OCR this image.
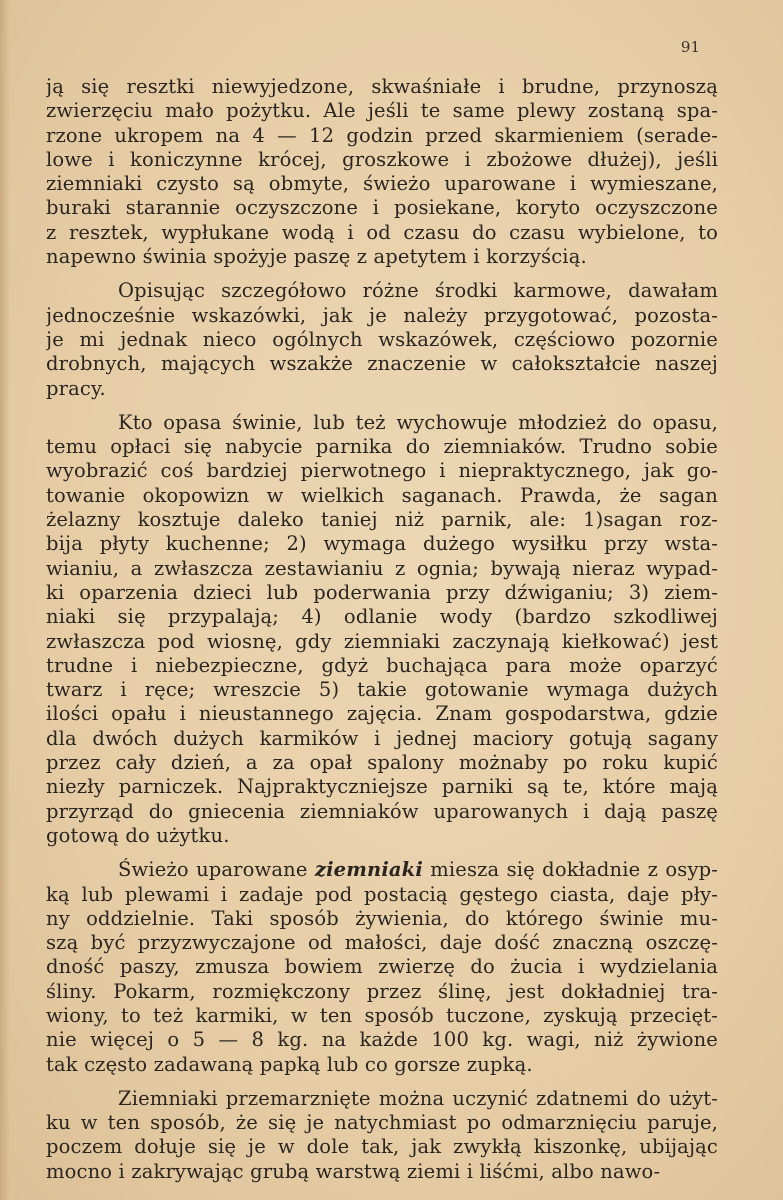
91
ją się resztki niewyjedzone, skwaśniałe i brudne, przynoszą
zwierzęciu mało pożytku. Ale jeśli te same plewy zostaną spa-
rzone ukropem na 4 — 12 godzin przed skarmieniem (serade-
lowe i koniczynne krócej, groszkowe i zbożowe dłużej), jeśli
ziemniaki czysto są obmyte, świeżo uparowane i wymieszane,
buraki starannie oczyszczone i posiekane, koryto oczyszczone
z resztek, wypłukane wodą i od czasu do czasu wybielone, to
napewno świnia spożyje paszę z apetytem i korzyścią.
Opisując szczegółowo różne środki karmowe, dawałam
jednocześnie wskazówki, jak je należy przygotować, pozosta-
je mi jednak nieco ogólnych wskazówek, częściowo pozornie
drobnych, mających wszakże znaczenie w całokształcie naszej
pracy.
Kto opasa świnie, lub też wychowuje młodzież do opasu,
temu opłaci się nabycie parnika do ziemniaków. Trudno sobie
wyobrazić coś bardziej pierwotnego i niepraktycznego, jak go-
towanie okopowizn w wielkich saganach. Prawda, że sagan
żelazny kosztuje daleko taniej niż parnik, ale: 1)sagan roz-
bija płyty kuchenne; 2) wymaga dużego wysiłku przy wsta-
wianiu, a zwłaszcza zestawianiu z ognia; bywają nieraz wypad-
ki oparzenia dzieci lub poderwania przy dźwiganiu; 3) ziem-
niaki się przypalają; 4) odlanie wody (bardzo szkodliwej
zwłaszcza pod wiosnę, gdy ziemniaki zaczynają kiełkować) jest
trudne i niebezpieczne, gdyż buchająca para może oparzyć
twarz i ręce; wreszcie 5) takie gotowanie wymaga dużych
ilości opału i nieustannego zajęcia. Znam gospodarstwa, gdzie
dla dwóch dużych karmików i jednej maciory gotują sagany
przez cały dzień, a za opał spalony możnaby po roku kupić
niezły parniczek. Najpraktyczniejsze parniki są te, które mają
przyrząd do gniecenia ziemniaków uparowanych i dają paszę
gotową do użytku.
Świeżo uparowane ziemniaki miesza się dokładnie z osyp-
ką lub plewami i zadaje pod postacią gęstego ciasta, daje pły-
ny oddzielnie. Taki sposób żywienia, do którego świnie mu-
szą być przyzwyczajone od małości, daje dość znaczną oszczę-
dność paszy, zmusza bowiem zwierzę do żucia i wydzielania
śliny. Pokarm, rozmiękczony przez ślinę, jest dokładniej tra-
wiony, to też karmiki, w ten sposób tuczone, zyskują przecięt-
nie więcej o 5 — 8 kg. na każde 100 kg. wagi, niż żywione
tak często zadawaną papką lub co gorsze zupką.
Ziemniaki przemarznięte można uczynić zdatnemi do użyt-
ku w ten sposób, że się je natychmiast po odmarznięciu paruje,
poczem dołuje się je w dole tak, jak zwykłą kiszonkę, ubijając
mocno i zakrywając grubą warstwą ziemi i liśćmi, albo nawo-
